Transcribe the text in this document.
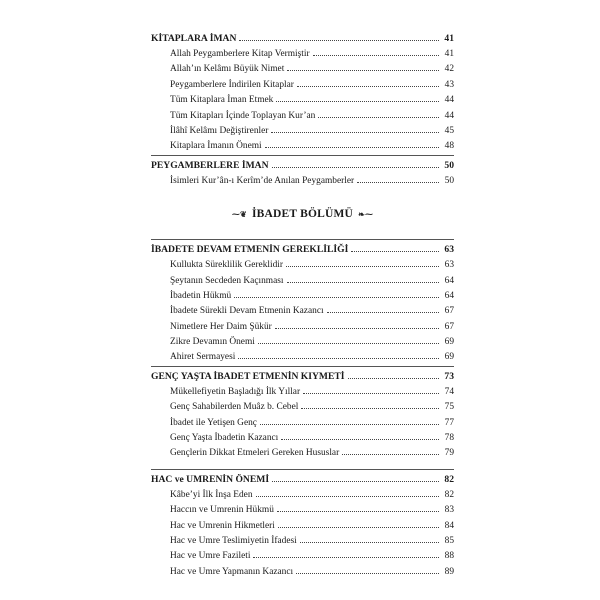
KİTAPLARA İMAN	41
Allah Peygamberlere Kitap Vermiştir	41
Allah’ın Kelâmı Büyük Nimet	42
Peygamberlere İndirilen Kitaplar	43
Tüm Kitaplara İman Etmek	44
Tüm Kitapları İçinde Toplayan Kur’an	44
İlâhî Kelâmı Değiştirenler	45
Kitaplara İmanın Önemi	48
PEYGAMBERLERE İMAN	50
İsimleri Kur’ân-ı Kerîm’de Anılan Peygamberler	50
⁓❦ İBADET BÖLÜMÜ ❧⁓
İBADETE DEVAM ETMENİN GEREKLİLİĞİ	63
Kullukta Süreklilik Gereklidir	63
Şeytanın Secdeden Kaçınması	64
İbadetin Hükmü	64
İbadete Sürekli Devam Etmenin Kazancı	67
Nimetlere Her Daim Şükür	67
Zikre Devamın Önemi	69
Ahiret Sermayesi	69
GENÇ YAŞTA İBADET ETMENİN KIYMETİ	73
Mükellefiyetin Başladığı İlk Yıllar	74
Genç Sahabilerden Muâz b. Cebel	75
İbadet ile Yetişen Genç	77
Genç Yaşta İbadetin Kazancı	78
Gençlerin Dikkat Etmeleri Gereken Hususlar	79
HAC ve UMRENİN ÖNEMİ	82
Kâbe’yi İlk İnşa Eden	82
Haccın ve Umrenin Hükmü	83
Hac ve Umrenin Hikmetleri	84
Hac ve Umre Teslimiyetin İfadesi	85
Hac ve Umre Fazileti	88
Hac ve Umre Yapmanın Kazancı	89
